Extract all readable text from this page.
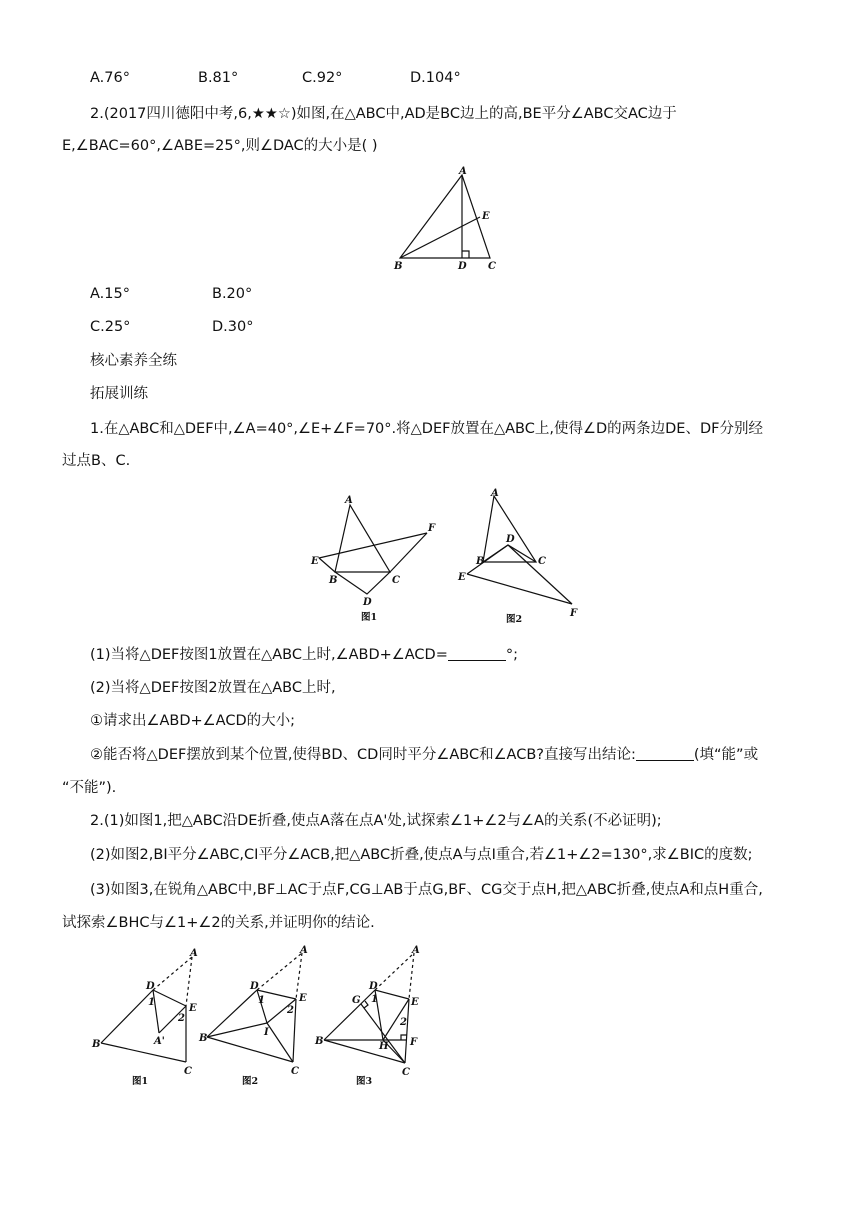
A.76°	B.81°	C.92°	D.104°
2.(2017四川德阳中考,6,★★☆)如图,在△ABC中,AD是BC边上的高,BE平分∠ABC交AC边于
E,∠BAC=60°,∠ABE=25°,则∠DAC的大小是( )
A
E
B	D C
A.15°	B.20°
C.25°	D.30°
核心素养全练
拓展训练
1.在△ABC和△DEF中,∠A=40°,∠E+∠F=70°.将△DEF放置在△ABC上,使得∠D的两条边DE、DF分别经
过点B、C.
A
E
B	C
D
F
图1
A
D
B	C
E
F
图2
(1)当将△DEF按图1放置在△ABC上时,∠ABD+∠ACD=	°;
(2)当将△DEF按图2放置在△ABC上时,
①请求出∠ABD+∠ACD的大小;
②能否将△DEF摆放到某个位置,使得BD、CD同时平分∠ABC和∠ACB?直接写出结论:	(填“能”或
“不能”).
2.(1)如图1,把△ABC沿DE折叠,使点A落在点A'处,试探索∠1+∠2与∠A的关系(不必证明);
(2)如图2,BI平分∠ABC,CI平分∠ACB,把△ABC折叠,使点A与点I重合,若∠1+∠2=130°,求∠BIC的度数;
(3)如图3,在锐角△ABC中,BF⊥AC于点F,CG⊥AB于点G,BF、CG交于点H,把△ABC折叠,使点A和点H重合,
试探索∠BHC与∠1+∠2的关系,并证明你的结论.
A
D
E
B
C
A'
1
2
图1
A
D
E
B
C
I
1
2
图2
A
G
D
E
B	H F
C
1
2
图3
